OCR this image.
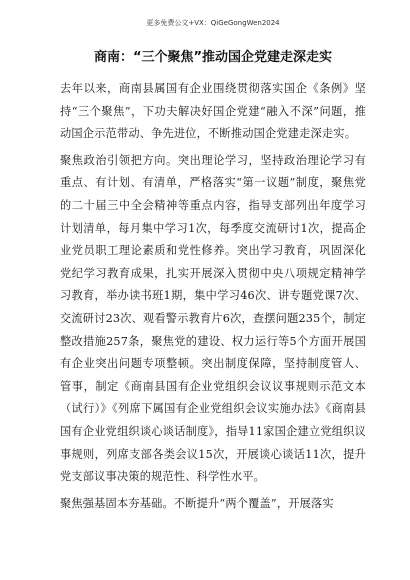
更多免费公文+VX：QiGeGongWen2024
商南：“三个聚焦”推动国企党建走深走实

去年以来，商南县属国有企业围绕贯彻落实国企《条例》坚持“三个聚焦”，下功夫解决好国企党建“融入不深”问题，推动国企示范带动、争先进位，不断推动国企党建走深走实。

聚焦政治引领把方向。突出理论学习，坚持政治理论学习有重点、有计划、有清单，严格落实“第一议题”制度，聚焦党的二十届三中全会精神等重点内容，指导支部列出年度学习计划清单，每月集中学习1次，每季度交流研讨1次，提高企业党员职工理论素质和党性修养。突出学习教育，巩固深化党纪学习教育成果，扎实开展深入贯彻中央八项规定精神学习教育，举办读书班1期，集中学习46次、讲专题党课7次、交流研讨23次、观看警示教育片6次，查摆问题235个，制定整改措施257条，聚焦党的建设、权力运行等5个方面开展国有企业突出问题专项整顿。突出制度保障，坚持制度管人、管事，制定《商南县国有企业党组织会议议事规则示范文本（试行）》《列席下属国有企业党组织会议实施办法》《商南县国有企业党组织谈心谈话制度》，指导11家国企建立党组织议事规则，列席支部各类会议15次，开展谈心谈话11次，提升党支部议事决策的规范性、科学性水平。

聚焦强基固本夯基础。不断提升“两个覆盖”，开展落实
